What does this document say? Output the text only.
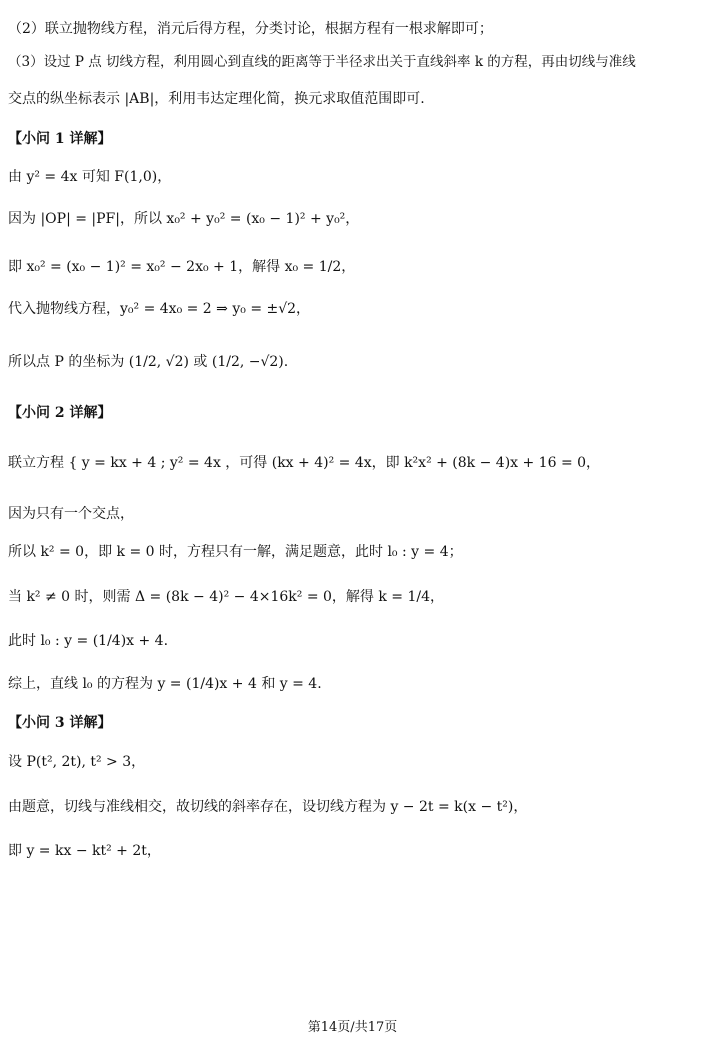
（2）联立抛物线方程，消元后得方程，分类讨论，根据方程有一根求解即可；
（3）设过 P 点 切线方程，利用圆心到直线的距离等于半径求出关于直线斜率 k 的方程，再由切线与准线
交点的纵坐标表示 |AB|，利用韦达定理化简，换元求取值范围即可.
【小问 1 详解】
由 y² = 4x 可知 F(1,0)，
因为 |OP| = |PF|，所以 x₀² + y₀² = (x₀ − 1)² + y₀²，
即 x₀² = (x₀ − 1)² = x₀² − 2x₀ + 1，解得 x₀ = 1/2，
代入抛物线方程，y₀² = 4x₀ = 2 ⇒ y₀ = ±√2，
所以点 P 的坐标为 (1/2, √2) 或 (1/2, −√2).
【小问 2 详解】
联立方程 { y = kx + 4 ; y² = 4x ，可得 (kx + 4)² = 4x，即 k²x² + (8k − 4)x + 16 = 0，
因为只有一个交点，
所以 k² = 0，即 k = 0 时，方程只有一解，满足题意，此时 l₀ : y = 4；
当 k² ≠ 0 时，则需 Δ = (8k − 4)² − 4×16k² = 0，解得 k = 1/4，
此时 l₀ : y = (1/4)x + 4.
综上，直线 l₀ 的方程为 y = (1/4)x + 4 和 y = 4.
【小问 3 详解】
设 P(t², 2t), t² > 3，
由题意，切线与准线相交，故切线的斜率存在，设切线方程为 y − 2t = k(x − t²)，
即 y = kx − kt² + 2t，
第14页/共17页
